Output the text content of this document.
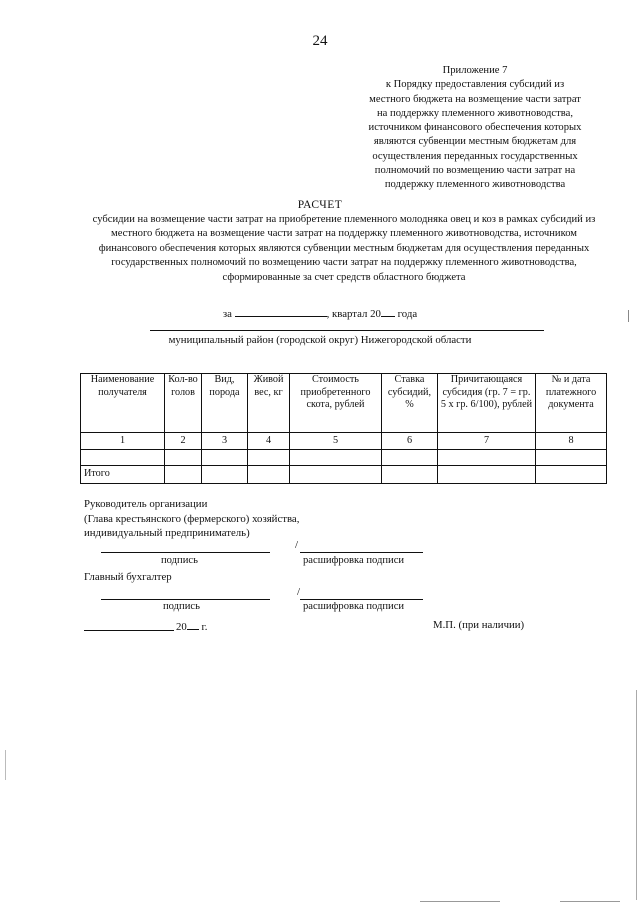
24
Приложение 7
к Порядку предоставления субсидий из
местного бюджета на возмещение части затрат
на поддержку племенного животноводства,
источником финансового обеспечения которых
являются субвенции местным бюджетам для
осуществления переданных государственных
полномочий по возмещению части затрат на
поддержку племенного животноводства
РАСЧЕТ
субсидии на возмещение части затрат на приобретение племенного молодняка овец и коз в рамках субсидий из местного бюджета на возмещение части затрат на поддержку племенного животноводства, источником финансового обеспечения которых являются субвенции местным бюджетам для осуществления переданных государственных полномочий по возмещению части затрат на поддержку племенного животноводства, сформированные за счет средств областного бюджета
за	, квартал 20 года
муниципальный район (городской округ) Нижегородской области
Наименование получателя	Кол-во голов	Вид, порода	Живой вес, кг	Стоимость приобретенного скота, рублей	Ставка субсидий, %	Причитающаяся субсидия (гр. 7 = гр. 5 x гр. 6/100), рублей	№ и дата платежного документа
1	2	3	4	5	6	7	8

Итого							
Руководитель организации
(Глава крестьянского (фермерского) хозяйства,
индивидуальный предприниматель)
/
подпись	расшифровка подписи
Главный бухгалтер
/
подпись	расшифровка подписи
20 г.	М.П. (при наличии)
